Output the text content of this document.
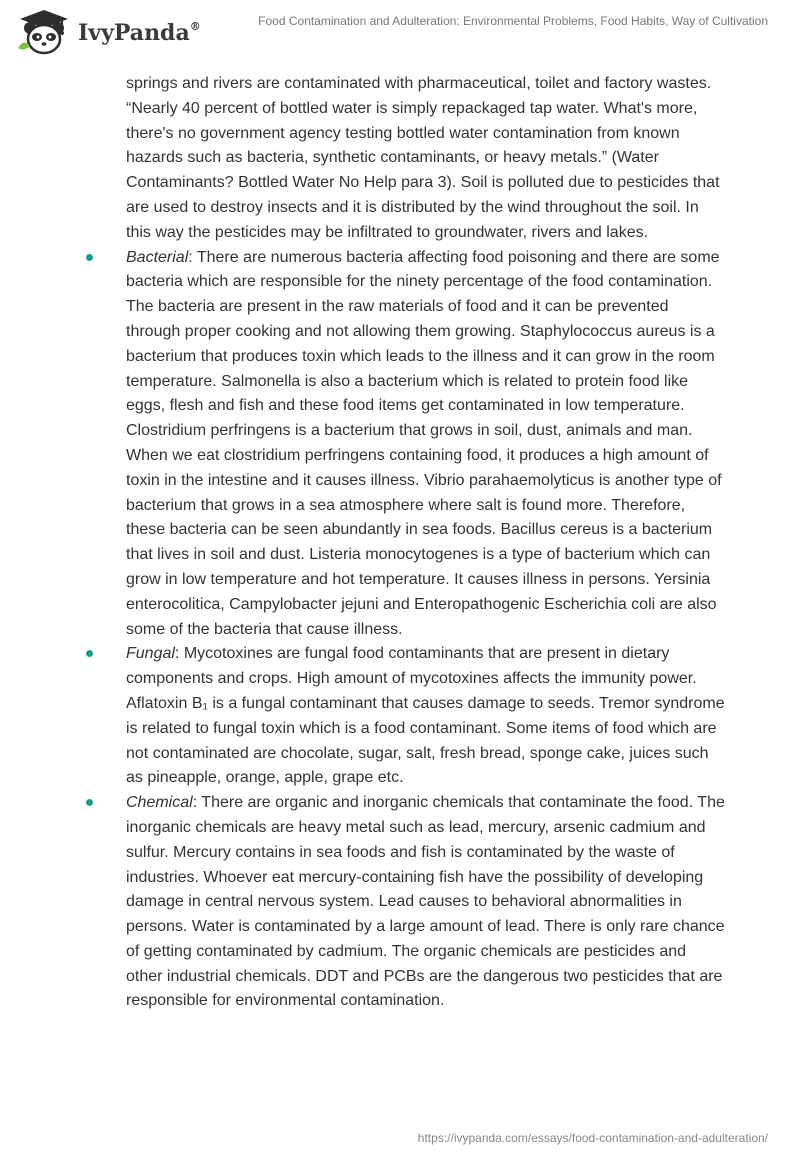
IvyPanda®	Food Contamination and Adulteration: Environmental Problems, Food Habits, Way of Cultivation

springs and rivers are contaminated with pharmaceutical, toilet and factory wastes. “Nearly 40 percent of bottled water is simply repackaged tap water. What's more, there's no government agency testing bottled water contamination from known hazards such as bacteria, synthetic contaminants, or heavy metals.” (Water Contaminants? Bottled Water No Help para 3). Soil is polluted due to pesticides that are used to destroy insects and it is distributed by the wind throughout the soil. In this way the pesticides may be infiltrated to groundwater, rivers and lakes.

Bacterial: There are numerous bacteria affecting food poisoning and there are some bacteria which are responsible for the ninety percentage of the food contamination. The bacteria are present in the raw materials of food and it can be prevented through proper cooking and not allowing them growing. Staphylococcus aureus is a bacterium that produces toxin which leads to the illness and it can grow in the room temperature. Salmonella is also a bacterium which is related to protein food like eggs, flesh and fish and these food items get contaminated in low temperature. Clostridium perfringens is a bacterium that grows in soil, dust, animals and man. When we eat clostridium perfringens containing food, it produces a high amount of toxin in the intestine and it causes illness. Vibrio parahaemolyticus is another type of bacterium that grows in a sea atmosphere where salt is found more. Therefore, these bacteria can be seen abundantly in sea foods. Bacillus cereus is a bacterium that lives in soil and dust. Listeria monocytogenes is a type of bacterium which can grow in low temperature and hot temperature. It causes illness in persons. Yersinia enterocolitica, Campylobacter jejuni and Enteropathogenic Escherichia coli are also some of the bacteria that cause illness.
Fungal: Mycotoxines are fungal food contaminants that are present in dietary components and crops. High amount of mycotoxines affects the immunity power. Aflatoxin B₁ is a fungal contaminant that causes damage to seeds. Tremor syndrome is related to fungal toxin which is a food contaminant. Some items of food which are not contaminated are chocolate, sugar, salt, fresh bread, sponge cake, juices such as pineapple, orange, apple, grape etc.
Chemical: There are organic and inorganic chemicals that contaminate the food. The inorganic chemicals are heavy metal such as lead, mercury, arsenic cadmium and sulfur. Mercury contains in sea foods and fish is contaminated by the waste of industries. Whoever eat mercury-containing fish have the possibility of developing damage in central nervous system. Lead causes to behavioral abnormalities in persons. Water is contaminated by a large amount of lead. There is only rare chance of getting contaminated by cadmium. The organic chemicals are pesticides and other industrial chemicals. DDT and PCBs are the dangerous two pesticides that are responsible for environmental contamination.
https://ivypanda.com/essays/food-contamination-and-adulteration/
